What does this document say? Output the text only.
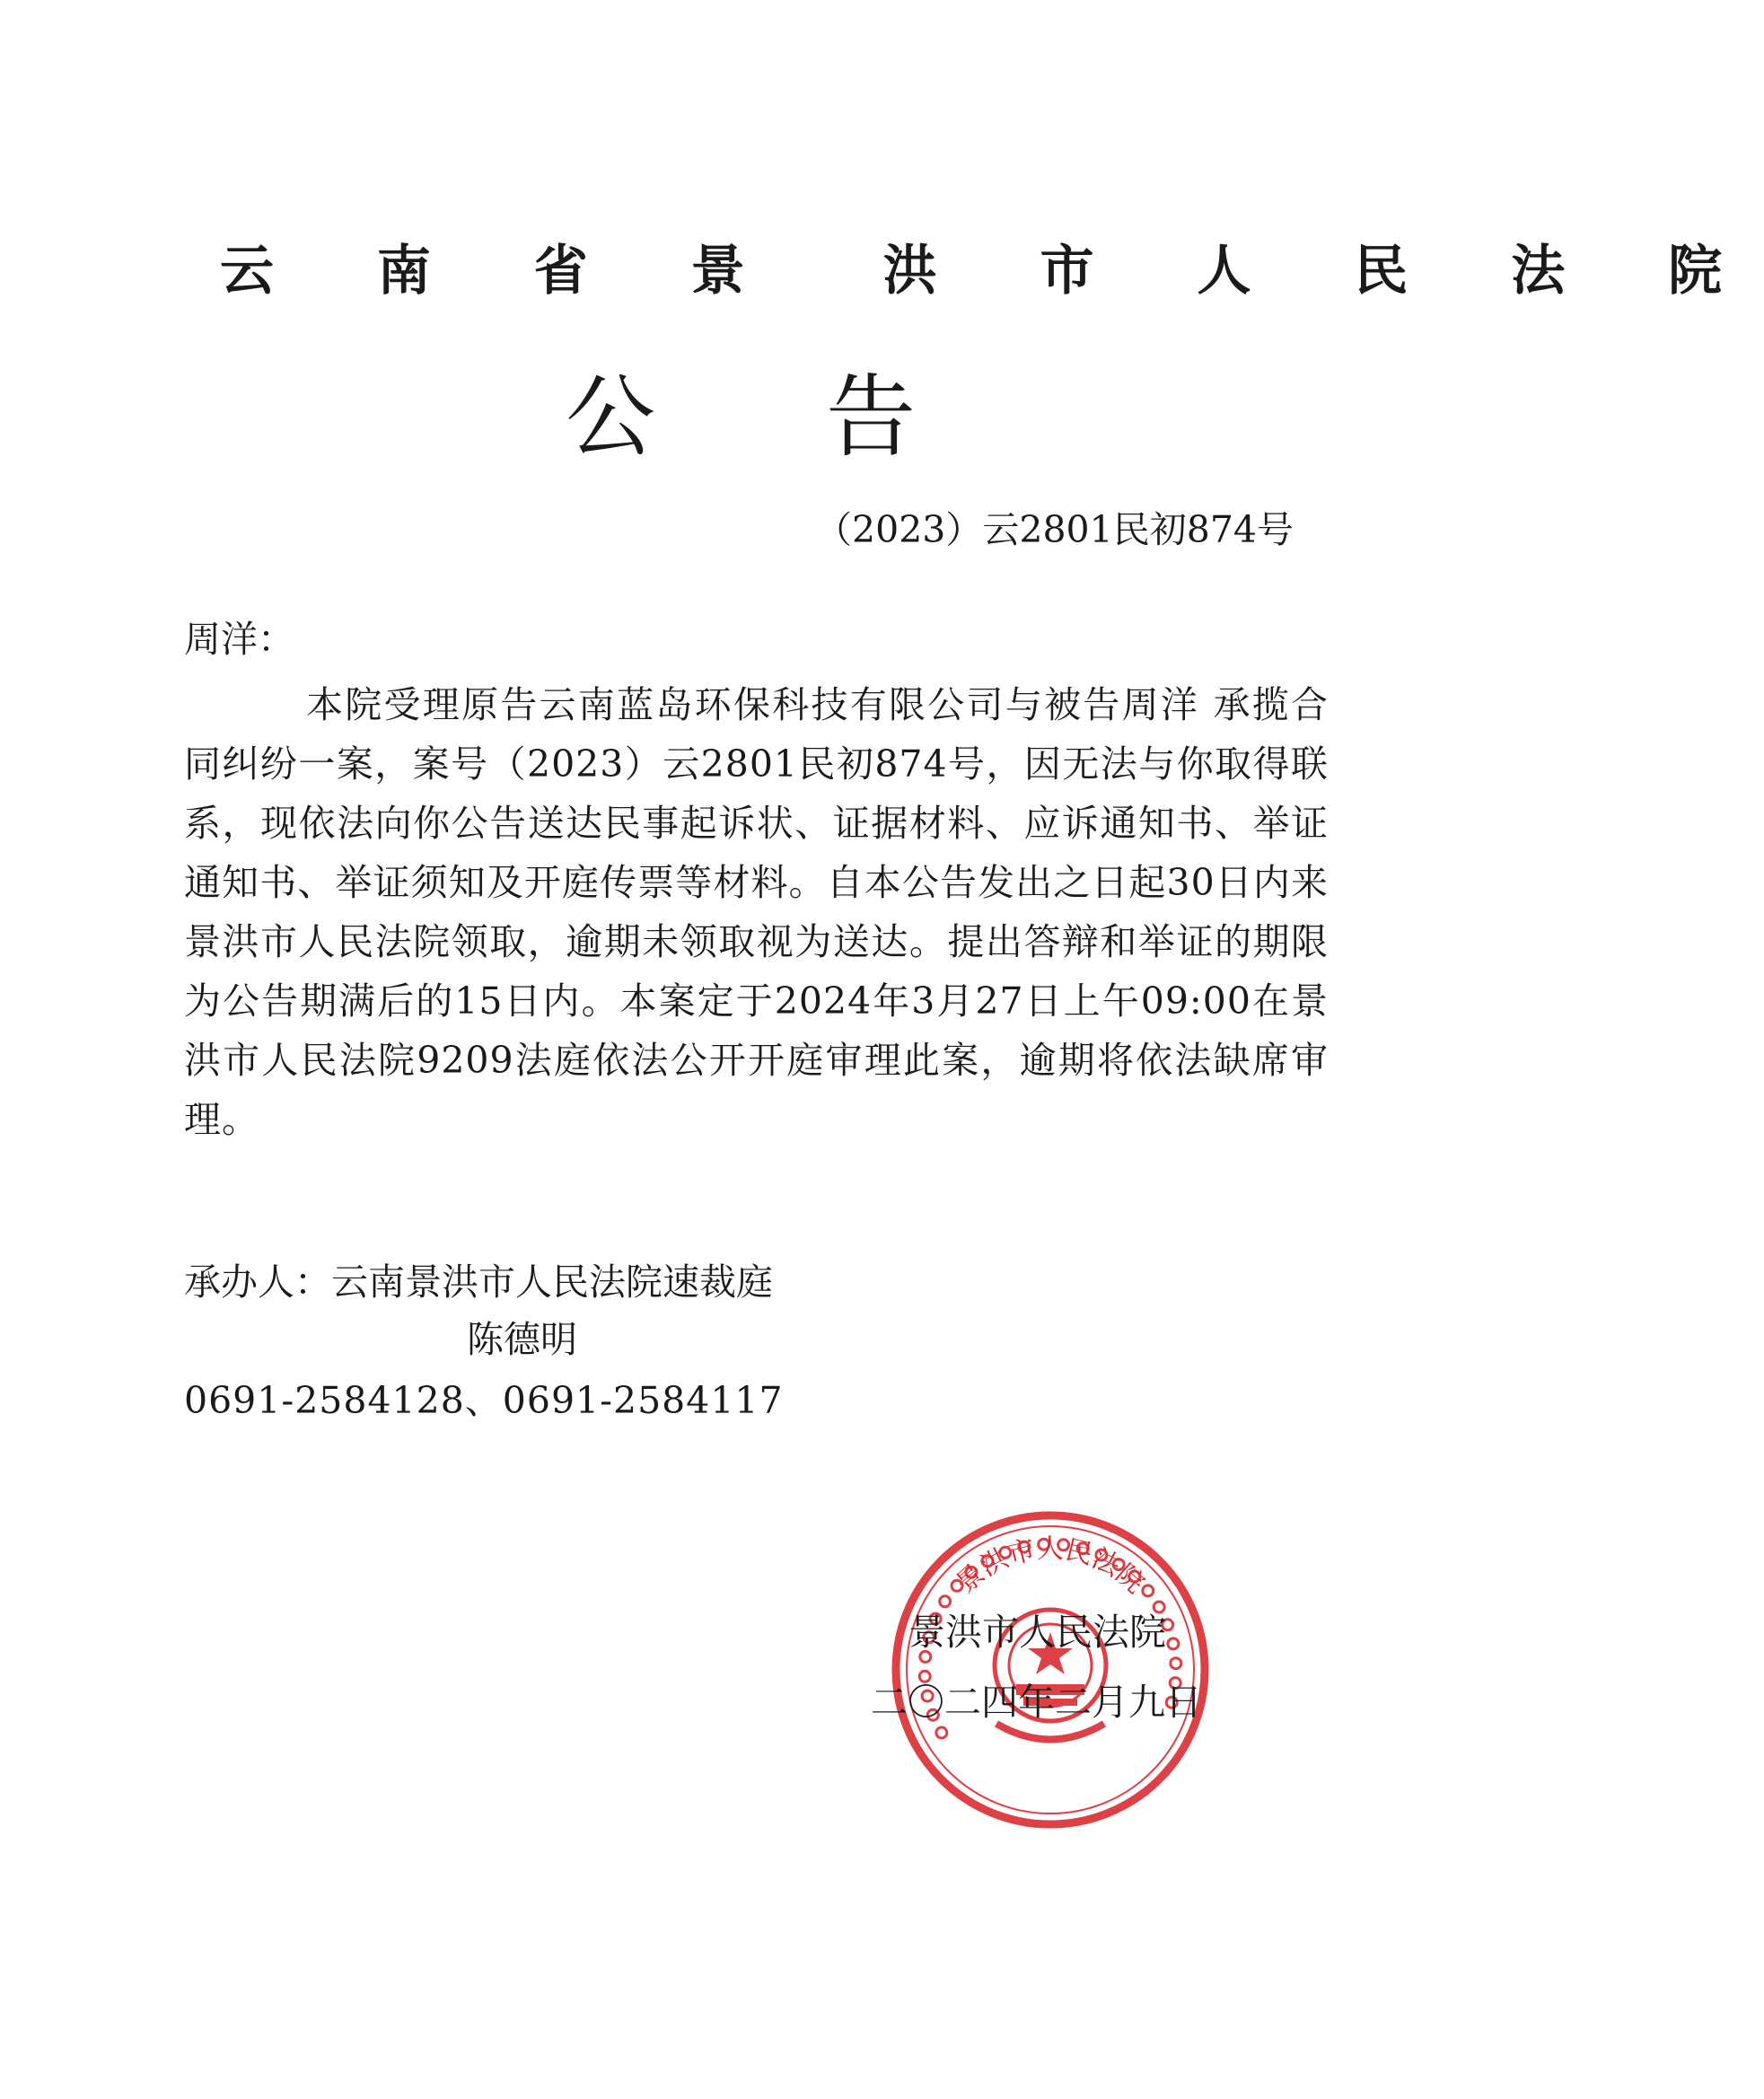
云 南 省 景　洪 市 人 民 法 院
公告
（2023）云2801民初874号
周洋：
本院受理原告云南蓝岛环保科技有限公司与被告周洋 承揽合同纠纷一案，案号（2023）云2801民初874号，因无法与你取得联系，现依法向你公告送达民事起诉状、证据材料、应诉通知书、举证通知书、举证须知及开庭传票等材料。自本公告发出之日起30日内来景洪市人民法院领取，逾期未领取视为送达。提出答辩和举证的期限为公告期满后的15日内。本案定于2024年3月27日上午09:00在景洪市人民法院9209法庭依法公开开庭审理此案，逾期将依法缺席审理。
承办人：云南景洪市人民法院速裁庭
陈德明
0691-2584128、0691-2584117
景洪市人民法院
景洪市人民法院
二〇二四年二月九日
